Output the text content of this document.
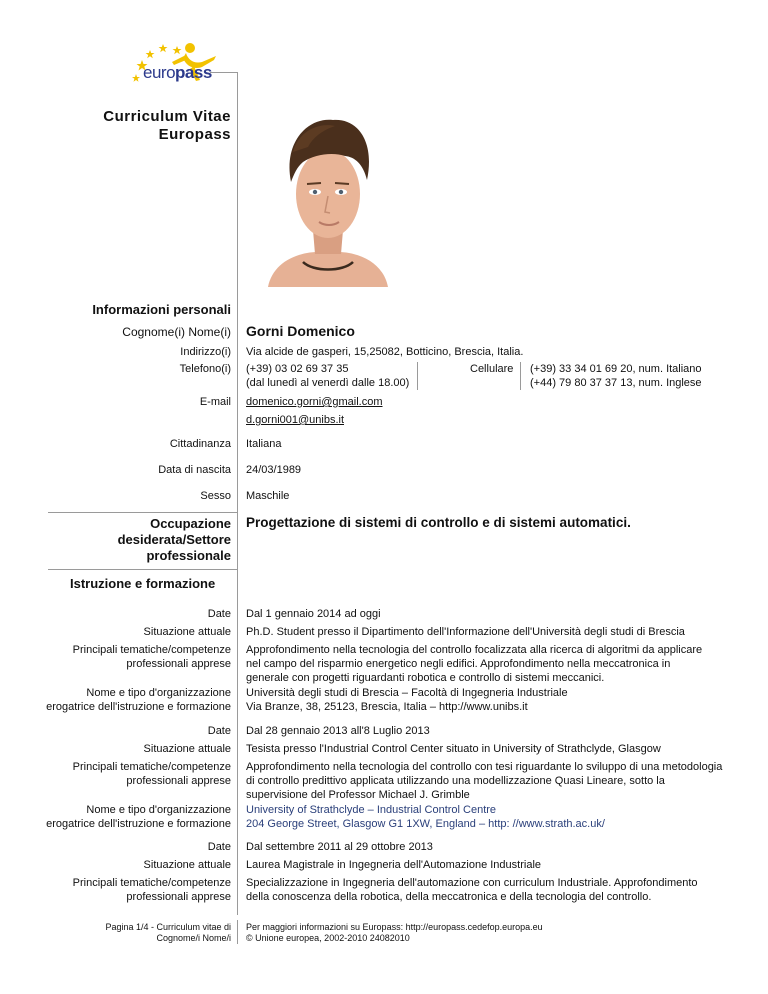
europass
Curriculum Vitae
Europass
Informazioni personali
Cognome(i) Nome(i) Gorni Domenico
Indirizzo(i) Via alcide de gasperi, 15,25082, Botticino, Brescia, Italia.
Telefono(i) (+39) 03 02 69 37 35
(dal lunedì al venerdì dalle 18.00)
Cellulare (+39) 33 34 01 69 20, num. Italiano
(+44) 79 80 37 37 13, num. Inglese
E-mail domenico.gorni@gmail.com
d.gorni001@unibs.it
Cittadinanza Italiana
Data di nascita 24/03/1989
Sesso Maschile
Occupazione
desiderata/Settore
professionale
Progettazione di sistemi di controllo e di sistemi automatici.
Istruzione e formazione
Date Dal 1 gennaio 2014 ad oggi
Situazione attuale Ph.D. Student presso il Dipartimento dell'Informazione dell'Università degli studi di Brescia
Principali tematiche/competenze
professionali apprese
Approfondimento nella tecnologia del controllo focalizzata alla ricerca di algoritmi da applicare nel campo del risparmio energetico negli edifici. Approfondimento nella meccatronica in generale con progetti riguardanti robotica e controllo di sistemi meccanici.
Nome e tipo d'organizzazione
erogatrice dell'istruzione e formazione
Università degli studi di Brescia – Facoltà di Ingegneria Industriale
Via Branze, 38, 25123, Brescia, Italia – http://www.unibs.it
Date Dal 28 gennaio 2013 all'8 Luglio 2013
Situazione attuale Tesista presso l'Industrial Control Center situato in University of Strathclyde, Glasgow
Principali tematiche/competenze
professionali apprese
Approfondimento nella tecnologia del controllo con tesi riguardante lo sviluppo di una metodologia di controllo predittivo applicata utilizzando una modellizzazione Quasi Lineare, sotto la supervisione del Professor Michael J. Grimble
Nome e tipo d'organizzazione
erogatrice dell'istruzione e formazione
University of Strathclyde – Industrial Control Centre
204 George Street, Glasgow G1 1XW, England – http: //www.strath.ac.uk/
Date Dal settembre 2011 al 29 ottobre 2013
Situazione attuale Laurea Magistrale in Ingegneria dell'Automazione Industriale
Principali tematiche/competenze
professionali apprese
Specializzazione in Ingegneria dell'automazione con curriculum Industriale. Approfondimento della conoscenza della robotica, della meccatronica e della tecnologia del controllo.
Pagina 1/4 - Curriculum vitae di
Cognome/i Nome/i
Per maggiori informazioni su Europass: http://europass.cedefop.europa.eu
© Unione europea, 2002-2010 24082010
